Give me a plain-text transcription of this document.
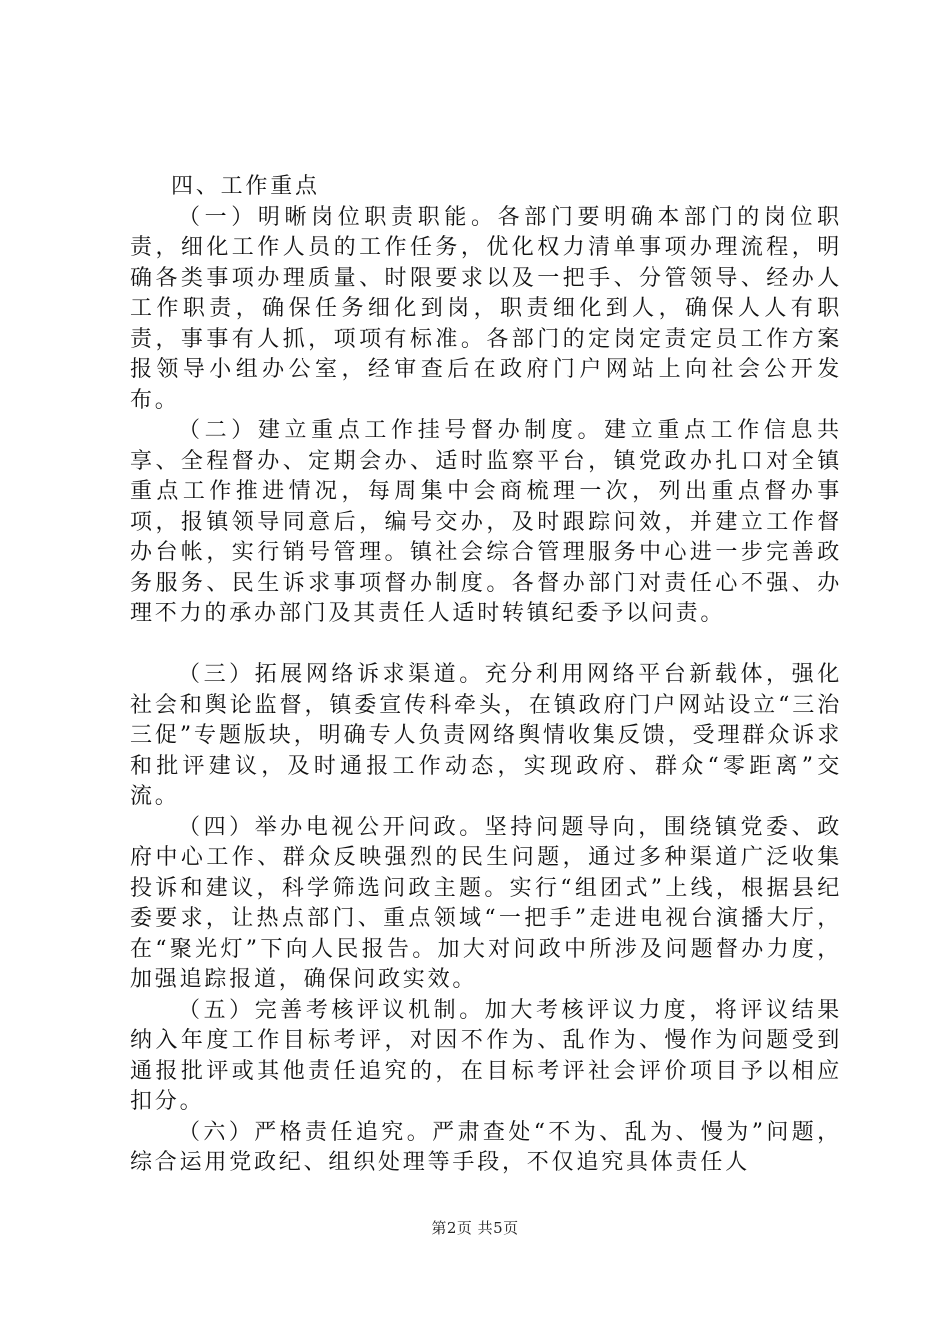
四、工作重点

（一）明晰岗位职责职能。各部门要明确本部门的岗位职责，细化工作人员的工作任务，优化权力清单事项办理流程，明确各类事项办理质量、时限要求以及一把手、分管领导、经办人工作职责，确保任务细化到岗，职责细化到人，确保人人有职责，事事有人抓，项项有标准。各部门的定岗定责定员工作方案报领导小组办公室，经审查后在政府门户网站上向社会公开发布。

（二）建立重点工作挂号督办制度。建立重点工作信息共享、全程督办、定期会办、适时监察平台，镇党政办扎口对全镇重点工作推进情况，每周集中会商梳理一次，列出重点督办事项，报镇领导同意后，编号交办，及时跟踪问效，并建立工作督办台帐，实行销号管理。镇社会综合管理服务中心进一步完善政务服务、民生诉求事项督办制度。各督办部门对责任心不强、办理不力的承办部门及其责任人适时转镇纪委予以问责。

（三）拓展网络诉求渠道。充分利用网络平台新载体，强化社会和舆论监督，镇委宣传科牵头，在镇政府门户网站设立“三治三促”专题版块，明确专人负责网络舆情收集反馈，受理群众诉求和批评建议，及时通报工作动态，实现政府、群众“零距离”交流。

（四）举办电视公开问政。坚持问题导向，围绕镇党委、政府中心工作、群众反映强烈的民生问题，通过多种渠道广泛收集投诉和建议，科学筛选问政主题。实行“组团式”上线，根据县纪委要求，让热点部门、重点领域“一把手”走进电视台演播大厅，在“聚光灯”下向人民报告。加大对问政中所涉及问题督办力度，加强追踪报道，确保问政实效。

（五）完善考核评议机制。加大考核评议力度，将评议结果纳入年度工作目标考评，对因不作为、乱作为、慢作为问题受到通报批评或其他责任追究的，在目标考评社会评价项目予以相应扣分。

（六）严格责任追究。严肃查处“不为、乱为、慢为”问题，综合运用党政纪、组织处理等手段，不仅追究具体责任人

第2页 共5页
